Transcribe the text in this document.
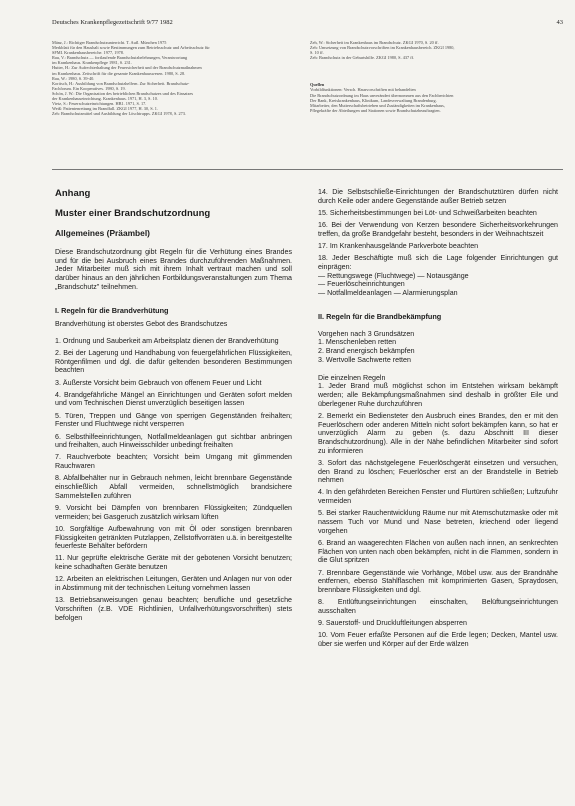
Deutsches Krankenpflegezeitschrift 9/77 1982	43

Mänz, J.: Richtiger Brandschutzunterricht. T. Aufl. München 1975

Merkblatt für den Haushalt sowie Bestimmungen zum Betriebsschutz und Arbeitsschutz für

SFMI. Krankenhausbereiche. 1977, 1978.

Rau, V.: Brandschutz — fortlaufende Brandschutzbelehrungen, Verantwortung

im Krankenhaus. Krankenpflege 1981, S. 231.

Hutter, H.: Zur Aufrechterhaltung der Feuersicherheit und der Brandschutzmaßnahmen

im Krankenhaus. Zeitschrift für die gesamte Krankenhauswesen. 1980, S. 28.

Rau, W.: 1980, S. 39-40.

Koritsch, H.: Ausbildung von Brandschutzhelfern. Zur Sicherheit. Brandschutz-

Fachforum. Ein Kooperatives. 1980, S. 19.

Schön, J. W.: Die Organisation des betrieblichen Brandschutzes und des Einsatzes

der Krankenhauseinrichtung. Krankenhaus. 1971, H. 3, S. 10.

Vietz, S.: Feuerschutzeinrichtungen. HB1. 1971, S. 17.

Weiß: Patientenrettung im Brandfall. ZKGI 1977, H. 30, S. 1.

Zeh: Brandschutzmittel und Ausbildung der Löschtrupps. ZKGI 1978, S. 273.

Zeh, W.: Sicherheit im Krankenhaus im Brandschutz. ZKGI 1970, S. 20 ff.

Zeh: Umsetzung von Brandschutzvorschriften im Krankenhausbereich. ZKGI 1980,

S. 10 ff.

Zeh: Brandschutz in der Geburtshilfe. ZKGI 1980, S. 437 ff.

Quellen

Vorbildfunktionen: Versch. Hausvorschriften mit behandelten

Die Brandschutzordnung im Haus unverändert übernommen aus den Fachberichten

Der Bank, Kreiskrankenhaus, Klinikum, Landesverwaltung Brandenburg.

Mitarbeiter, den Mutterschaftsbetrieben und Zuständigkeiten im Krankenhaus,

Pflegekräfte der Abteilungen und Stationen sowie Brandschutzbeauftragten.

Anhang

Muster einer Brandschutzordnung

Allgemeines (Präambel)

Diese Brandschutzordnung gibt Regeln für die Verhütung eines Brandes und für die bei Ausbruch eines Brandes durchzuführenden Maßnahmen. Jeder Mitarbeiter muß sich mit ihrem Inhalt vertraut machen und soll darüber hinaus an den jährlichen Fortbildungsveranstaltungen zum Thema „Brandschutz" teilnehmen.

I. Regeln für die Brandverhütung

Brandverhütung ist oberstes Gebot des Brandschutzes

1. Ordnung und Sauberkeit am Arbeitsplatz dienen der Brandverhütung

2. Bei der Lagerung und Handhabung von feuergefährlichen Flüssigkeiten, Röntgenfilmen und dgl. die dafür geltenden besonderen Bestimmungen beachten

3. Äußerste Vorsicht beim Gebrauch von offenem Feuer und Licht

4. Brandgefährliche Mängel an Einrichtungen und Geräten sofort melden und vom Technischen Dienst unverzüglich beseitigen lassen

5. Türen, Treppen und Gänge von sperrigen Gegenständen freihalten; Fenster und Fluchtwege nicht versperren

6. Selbsthilfeeinrichtungen, Notfallmeldeanlagen gut sichtbar anbringen und freihalten, auch Hinweisschilder unbedingt freihalten

7. Rauchverbote beachten; Vorsicht beim Umgang mit glimmenden Rauchwaren

8. Abfallbehälter nur in Gebrauch nehmen, leicht brennbare Gegenstände einschließlich Abfall vermeiden, schnellstmöglich brandsichere Sammelstellen zuführen

9. Vorsicht bei Dämpfen von brennbaren Flüssigkeiten; Zündquellen vermeiden; bei Gasgeruch zusätzlich wirksam lüften

10. Sorgfältige Aufbewahrung von mit Öl oder sonstigen brennbaren Flüssigkeiten getränkten Putzlappen, Zellstoffvorräten u.ä. in bereitgestellte feuerfeste Behälter befördern

11. Nur geprüfte elektrische Geräte mit der gebotenen Vorsicht benutzen; keine schadhaften Geräte benutzen

12. Arbeiten an elektrischen Leitungen, Geräten und Anlagen nur von oder in Abstimmung mit der technischen Leitung vornehmen lassen

13. Betriebsanweisungen genau beachten; berufliche und gesetzliche Vorschriften (z.B. VDE Richtlinien, Unfallverhütungsvorschriften) stets befolgen

14. Die Selbstschließe-Einrichtungen der Brandschutztüren dürfen nicht durch Keile oder andere Gegenstände außer Betrieb setzen

15. Sicherheitsbestimmungen bei Löt- und Schweißarbeiten beachten

16. Bei der Verwendung von Kerzen besondere Sicherheitsvorkehrungen treffen, da große Brandgefahr besteht, besonders in der Weihnachtszeit

17. Im Krankenhausgelände Parkverbote beachten

18. Jeder Beschäftigte muß sich die Lage folgender Einrichtungen gut einprägen:

— Rettungswege (Fluchtwege) — Notausgänge

— Feuerlöscheinrichtungen

— Notfallmeldeanlagen — Alarmierungsplan

II. Regeln für die Brandbekämpfung

Vorgehen nach 3 Grundsätzen

1. Menschenleben retten

2. Brand energisch bekämpfen

3. Wertvolle Sachwerte retten

Die einzelnen Regeln

1. Jeder Brand muß möglichst schon im Entstehen wirksam bekämpft werden; alle Bekämpfungsmaßnahmen sind deshalb in größter Eile und überlegener Ruhe durchzuführen

2. Bemerkt ein Bediensteter den Ausbruch eines Brandes, den er mit den Feuerlöschern oder anderen Mitteln nicht sofort bekämpfen kann, so hat er unverzüglich Alarm zu geben (s. dazu Abschnitt III dieser Brandschutzordnung). Alle in der Nähe befindlichen Mitarbeiter sind sofort zu informieren

3. Sofort das nächstgelegene Feuerlöschgerät einsetzen und versuchen, den Brand zu löschen; Feuerlöscher erst an der Brandstelle in Betrieb nehmen

4. In den gefährdeten Bereichen Fenster und Flurtüren schließen; Luftzufuhr vermeiden

5. Bei starker Rauchentwicklung Räume nur mit Atemschutzmaske oder mit nassem Tuch vor Mund und Nase betreten, kriechend oder liegend vorgehen

6. Brand an waagerechten Flächen von außen nach innen, an senkrechten Flächen von unten nach oben bekämpfen, nicht in die Flammen, sondern in die Glut spritzen

7. Brennbare Gegenstände wie Vorhänge, Möbel usw. aus der Brandnähe entfernen, ebenso Stahlflaschen mit komprimierten Gasen, Spraydosen, brennbare Flüssigkeiten und dgl.

8. Entlüftungseinrichtungen einschalten, Belüftungseinrichtungen ausschalten

9. Sauerstoff- und Druckluftleitungen absperren

10. Vom Feuer erfaßte Personen auf die Erde legen; Decken, Mantel usw. über sie werfen und Körper auf der Erde wälzen
